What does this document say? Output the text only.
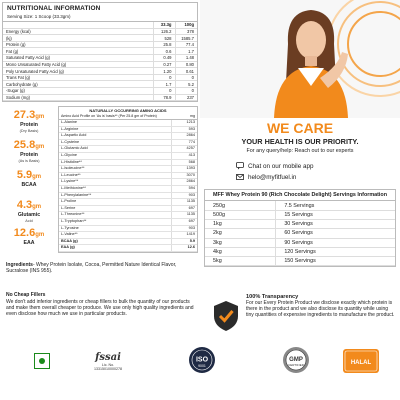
NUTRITIONAL INFORMATION
Serving Size: 1 Scoop (33.3gm)
	33.3g	100g
Energy (kcal)	126.2	378
(kj)	528	1585.7
Protein (g)	25.8	77.4
Fat (g)	0.6	1.7
Saturated Fatty Acid (g)	0.49	1.48
Mono Unsaturated Fatty Acid (g)	0.27	0.80
Poly Unsaturated Fatty Acid (g)	1.20	0.61
Trans Fat (g)	0	0
Carbohydrate (g)	1.7	5.2
-Sugar (g)	0	0
Sodium (mg)	78.9	237
27.3gm
Protein
(Dry Basis)
25.8gm
Protein
(As is Basis)
5.9gm
BCAA
4.3gm
Glutamic
Acid
12.6gm
EAA
NATURALLY OCCURRING AMINO ACIDS
Amino Acid Profile on 'As is' basis** (Per 25.8 gm of Protein)	mg
L-Alanine	1213
L-Arginine	593
L-Aspartic Acid	2864
L-Cysteine	774
L-Glutamic Acid	4257
L-Glycine	413
L-Histidine**	568
L-Isoleucine**	1393
L-Leucine**	3070
L-Lysine**	2864
L-Methionine**	594
L-Phenylalanine**	903
L-Proline	1135
L-Serine	697
L-Threonine**	1135
L-Tryptophan**	697
L-Tyrosine	903
L-Valine**	1419
BCAA (g)	5.9
EAA (g)	12.6
Ingredients- Whey Protein Isolate, Cocoa, Permitted Nature Identical Flavor, Sucralose (INS 955).
No Cheap Fillers
We don't add inferior ingredients or cheap fillers to bulk the quantity of our products and make them overall cheaper to produce. We use only high quality ingredients and even disclose how much we use in particular products.
fssai
Lic. No. 13315010000278
WE CARE
YOUR HEALTH IS OUR PRIORITY.
For any query/help: Reach out to our experts
Chat on our mobile app
helo@myfitfuel.in
MFF Whey Protein 90 (Rich Chocolate Delight) Servings Information
250g	7.5 Servings
500g	15 Servings
1kg	30 Servings
2kg	60 Servings
3kg	90 Servings
4kg	120 Servings
5kg	150 Servings
100% Transparency
For our Every Protein Product we disclose exactly which protein is there in the product and we also disclose its quantity while using tiny quantities of expensive ingredients to manufacture the product.
ISO
9001
GMP
CERTIFIED	HALAL
